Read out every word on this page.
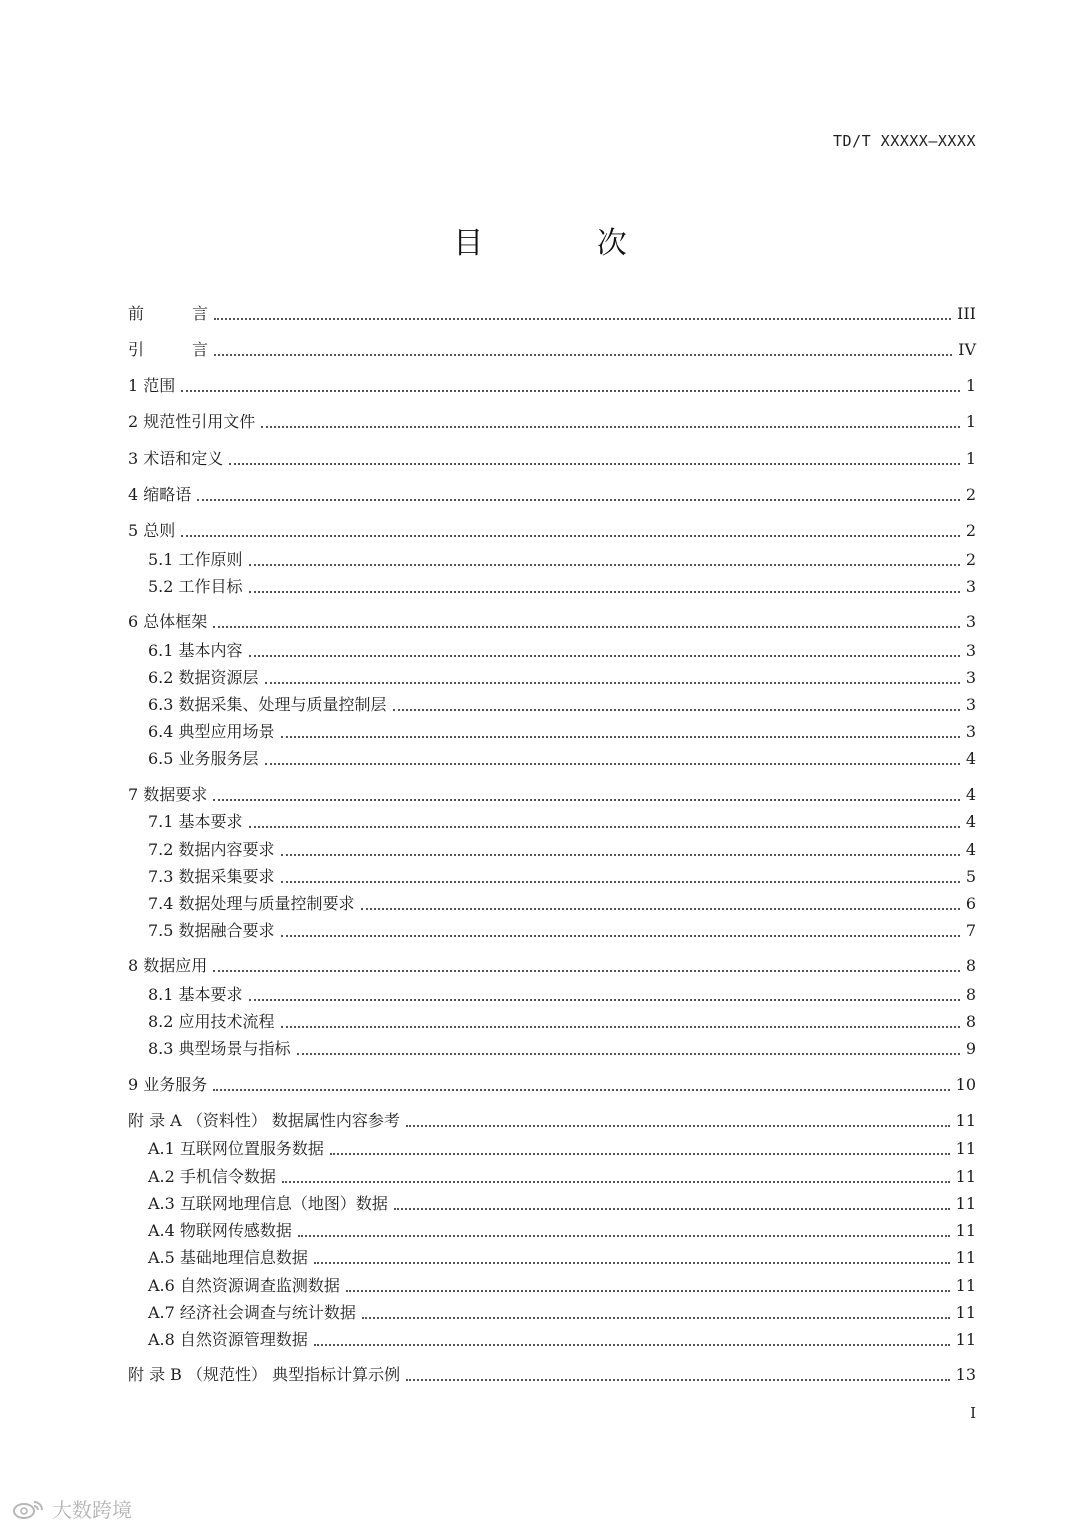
TD/T XXXXX—XXXX
目 次
前　　　言	III
引　　　言	IV
1 范围	1
2 规范性引用文件	1
3 术语和定义	1
4 缩略语	2
5 总则	2
5.1 工作原则	2
5.2 工作目标	3
6 总体框架	3
6.1 基本内容	3
6.2 数据资源层	3
6.3 数据采集、处理与质量控制层	3
6.4 典型应用场景	3
6.5 业务服务层	4
7 数据要求	4
7.1 基本要求	4
7.2 数据内容要求	4
7.3 数据采集要求	5
7.4 数据处理与质量控制要求	6
7.5 数据融合要求	7
8 数据应用	8
8.1 基本要求	8
8.2 应用技术流程	8
8.3 典型场景与指标	9
9 业务服务	10
附 录 A （资料性） 数据属性内容参考	11
A.1 互联网位置服务数据	11
A.2 手机信令数据	11
A.3 互联网地理信息（地图）数据	11
A.4 物联网传感数据	11
A.5 基础地理信息数据	11
A.6 自然资源调查监测数据	11
A.7 经济社会调查与统计数据	11
A.8 自然资源管理数据	11
附 录 B （规范性） 典型指标计算示例	13
I
大数跨境
